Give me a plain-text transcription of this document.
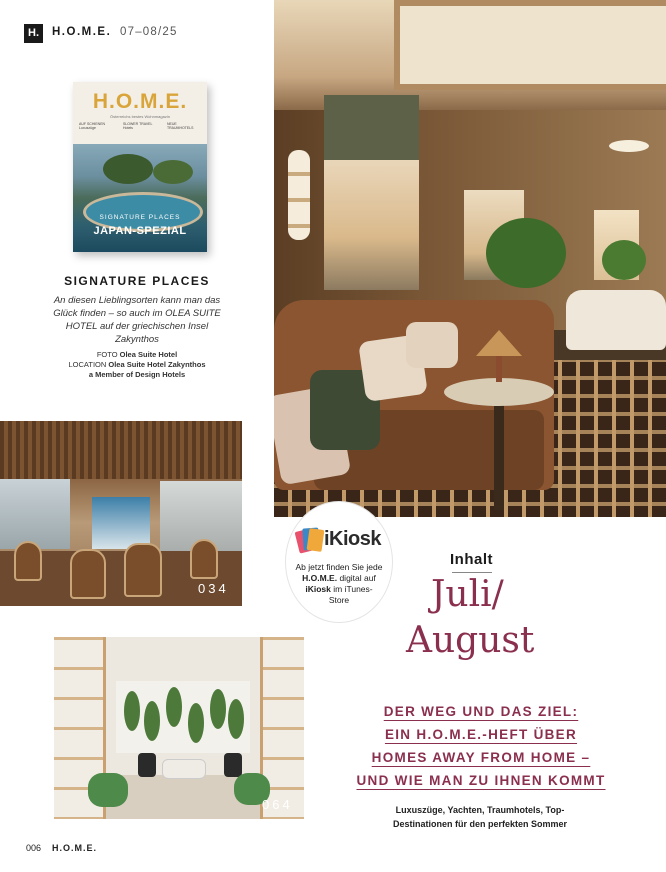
H.	H.O.M.E. 07–08/25
H.O.M.E.
Österreichs bestes Wohnmagazin
AUF SCHIENEN Luxuszüge
SLOWER TRAVEL Hotels
NEUE TRAUMHOTELS
SIGNATURE PLACES
JAPAN-SPEZIAL
SIGNATURE PLACES
An diesen Lieblingsorten kann man das Glück finden – so auch im OLEA SUITE HOTEL auf der griechischen Insel Zakynthos
FOTO Olea Suite Hotel
LOCATION Olea Suite Hotel Zakynthos
a Member of Design Hotels
034
iKiosk
Ab jetzt finden Sie jede
H.O.M.E. digital auf
iKiosk im iTunes-
Store
Inhalt
Juli/
August
064
DER WEG UND DAS ZIEL:
EIN H.O.M.E.-HEFT ÜBER
HOMES AWAY FROM HOME –
UND WIE MAN ZU IHNEN KOMMT
Luxuszüge, Yachten, Traumhotels, Top-
Destinationen für den perfekten Sommer
006 H.O.M.E.
